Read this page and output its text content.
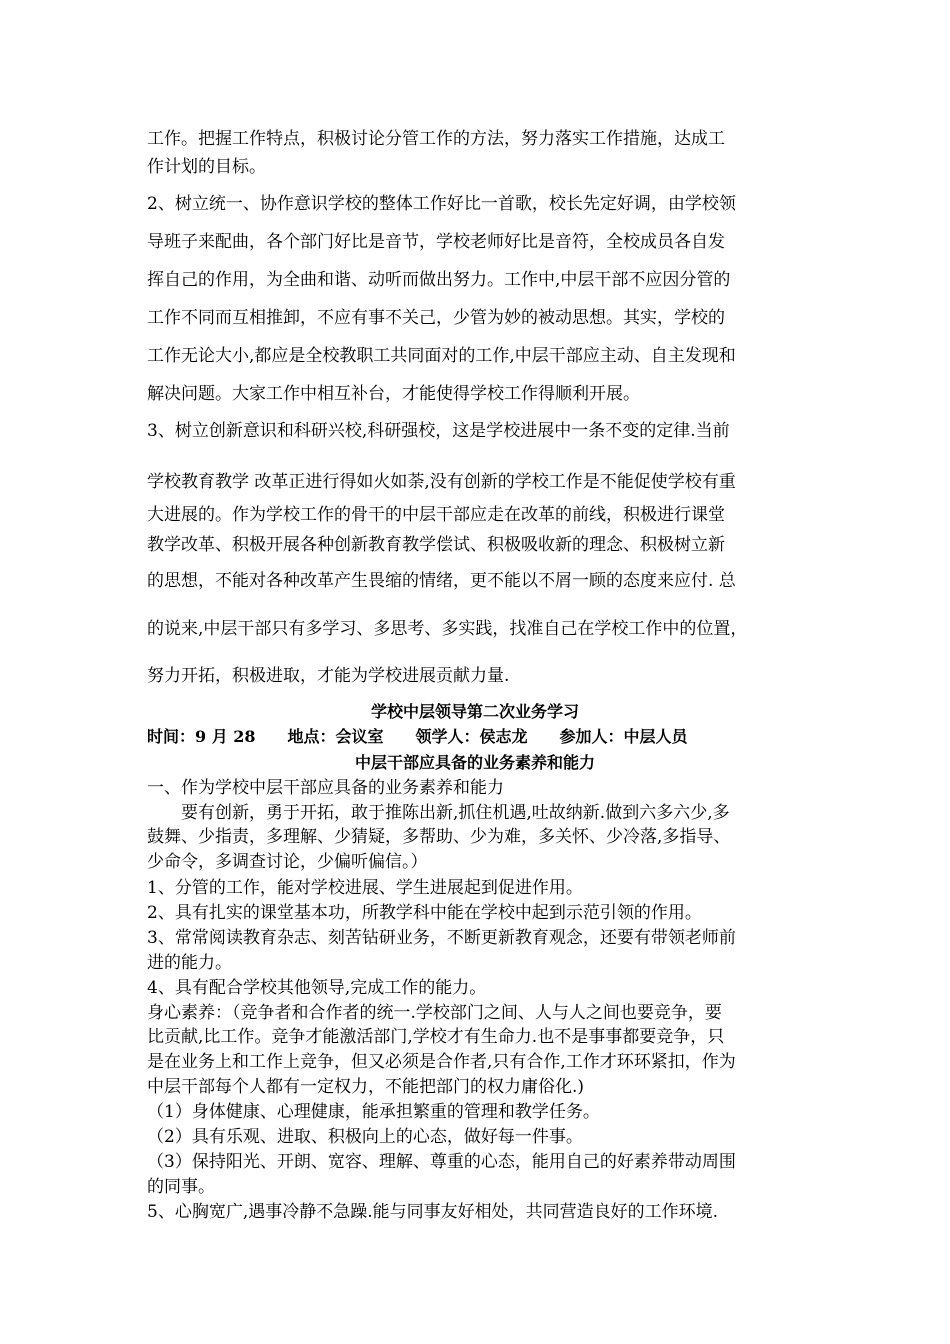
工作。把握工作特点，积极讨论分管工作的方法，努力落实工作措施，达成工
作计划的目标。
2、树立统一、协作意识学校的整体工作好比一首歌，校长先定好调，由学校领
导班子来配曲，各个部门好比是音节，学校老师好比是音符，全校成员各自发
挥自己的作用，为全曲和谐、动听而做出努力。工作中,中层干部不应因分管的
工作不同而互相推卸，不应有事不关己，少管为妙的被动思想。其实，学校的
工作无论大小,都应是全校教职工共同面对的工作,中层干部应主动、自主发现和
解决问题。大家工作中相互补台，才能使得学校工作得顺利开展。
3、树立创新意识和科研兴校,科研强校，这是学校进展中一条不变的定律.当前
学校教育教学 改革正进行得如火如荼,没有创新的学校工作是不能促使学校有重
大进展的。作为学校工作的骨干的中层干部应走在改革的前线，积极进行课堂
教学改革、积极开展各种创新教育教学偿试、积极吸收新的理念、积极树立新
的思想，不能对各种改革产生畏缩的情绪，更不能以不屑一顾的态度来应付. 总
的说来,中层干部只有多学习、多思考、多实践，找准自己在学校工作中的位置，
努力开拓，积极进取，才能为学校进展贡献力量.
学校中层领导第二次业务学习
时间：9 月 28　　地点：会议室　　领学人：侯志龙　　参加人：中层人员
中层干部应具备的业务素养和能力
一、作为学校中层干部应具备的业务素养和能力
　　要有创新，勇于开拓，敢于推陈出新,抓住机遇,吐故纳新.做到六多六少,多
鼓舞、少指责，多理解、少猜疑，多帮助、少为难，多关怀、少冷落,多指导、
少命令，多调查讨论，少偏听偏信。）
1、分管的工作，能对学校进展、学生进展起到促进作用。
2、具有扎实的课堂基本功，所教学科中能在学校中起到示范引领的作用。
3、常常阅读教育杂志、刻苦钻研业务，不断更新教育观念，还要有带领老师前
进的能力。
4、具有配合学校其他领导,完成工作的能力。
身心素养：（竞争者和合作者的统一.学校部门之间、人与人之间也要竞争，要
比贡献,比工作。竞争才能激活部门,学校才有生命力.也不是事事都要竞争，只
是在业务上和工作上竞争，但又必须是合作者,只有合作,工作才环环紧扣，作为
中层干部每个人都有一定权力，不能把部门的权力庸俗化.)
（1）身体健康、心理健康，能承担繁重的管理和教学任务。
（2）具有乐观、进取、积极向上的心态，做好每一件事。
（3）保持阳光、开朗、宽容、理解、尊重的心态，能用自己的好素养带动周围
的同事。
5、心胸宽广,遇事冷静不急躁.能与同事友好相处，共同营造良好的工作环境.
